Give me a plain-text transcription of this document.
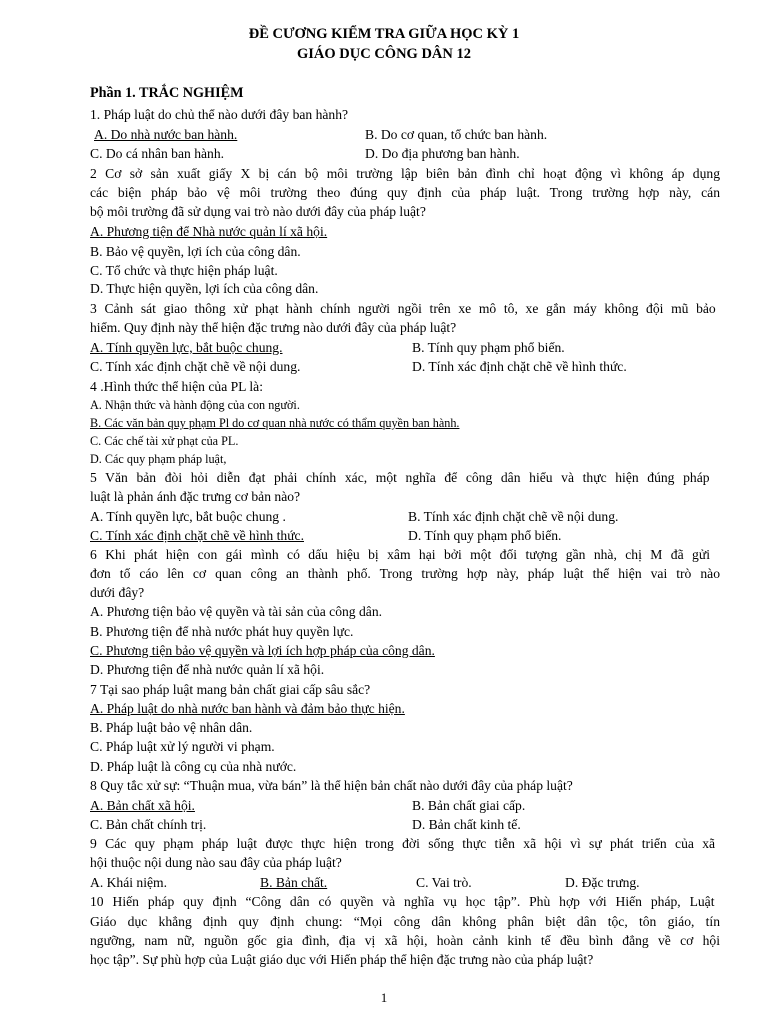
ĐỀ CƯƠNG KIỂM TRA GIỮA HỌC KỲ 1
GIÁO DỤC CÔNG DÂN 12
Phần 1. TRẮC NGHIỆM
1. Pháp luật do chủ thể nào dưới đây ban hành?
A. Do nhà nước ban hành.	B. Do cơ quan, tổ chức ban hành.
C. Do cá nhân ban hành.	D. Do địa phương ban hành.
2 Cơ sở sản xuất giấy X bị cán bộ môi trường lập biên bản đình chỉ hoạt động vì không áp dụng
các biện pháp bảo vệ môi trường theo đúng quy định của pháp luật. Trong trường hợp này, cán
bộ môi trường đã sử dụng vai trò nào dưới đây của pháp luật?
A. Phương tiện để Nhà nước quản lí xã hội.
B. Bảo vệ quyền, lợi ích của công dân.
C. Tổ chức và thực hiện pháp luật.
D. Thực hiện quyền, lợi ích của công dân.
3 Cảnh sát giao thông xử phạt hành chính người ngồi trên xe mô tô, xe gắn máy không đội mũ bảo
hiểm. Quy định này thể hiện đặc trưng nào dưới đây của pháp luật?
A. Tính quyền lực, bắt buộc chung.	B. Tính quy phạm phổ biến.
C. Tính xác định chặt chẽ về nội dung.	D. Tính xác định chặt chẽ về hình thức.
4 .Hình thức thể hiện của PL là:
A. Nhận thức và hành động của con người.
B. Các văn bản quy phạm Pl do cơ quan nhà nước có thẩm quyền ban hành.
C. Các chế tài xử phạt của PL.
D. Các quy phạm pháp luật,
5 Văn bản đòi hỏi diễn đạt phải chính xác, một nghĩa để công dân hiểu và thực hiện đúng pháp
luật là phản ánh đặc trưng cơ bản nào?
A. Tính quyền lực, bắt buộc chung .	B. Tính xác định chặt chẽ về nội dung.
C. Tính xác định chặt chẽ về hình thức.	D. Tính quy phạm phổ biến.
6 Khi phát hiện con gái mình có dấu hiệu bị xâm hại bởi một đối tượng gần nhà, chị M đã gửi
đơn tố cáo lên cơ quan công an thành phố. Trong trường hợp này, pháp luật thể hiện vai trò nào
dưới đây?
A. Phương tiện bảo vệ quyền và tài sản của công dân.
B. Phương tiện để nhà nước phát huy quyền lực.
C. Phương tiện bảo vệ quyền và lợi ích hợp pháp của công dân.
D. Phương tiện để nhà nước quản lí xã hội.
7 Tại sao pháp luật mang bản chất giai cấp sâu sắc?
A. Pháp luật do nhà nước ban hành và đảm bảo thực hiện.
B. Pháp luật bảo vệ nhân dân.
C. Pháp luật xử lý người vi phạm.
D. Pháp luật là công cụ của nhà nước.
8 Quy tắc xử sự: “Thuận mua, vừa bán” là thể hiện bản chất nào dưới đây của pháp luật?
A. Bản chất xã hội.	B. Bản chất giai cấp.
C. Bản chất chính trị.	D. Bản chất kinh tế.
9 Các quy phạm pháp luật được thực hiện trong đời sống thực tiễn xã hội vì sự phát triển của xã
hội thuộc nội dung nào sau đây của pháp luật?
A. Khái niệm.	B. Bản chất.	C. Vai trò.	D. Đặc trưng.
10 Hiến pháp quy định “Công dân có quyền và nghĩa vụ học tập”. Phù hợp với Hiến pháp, Luật
Giáo dục khẳng định quy định chung: “Mọi công dân không phân biệt dân tộc, tôn giáo, tín
ngưỡng, nam nữ, nguồn gốc gia đình, địa vị xã hội, hoàn cảnh kinh tế đều bình đẳng về cơ hội
học tập”. Sự phù hợp của Luật giáo dục với Hiến pháp thể hiện đặc trưng nào của pháp luật?
1
